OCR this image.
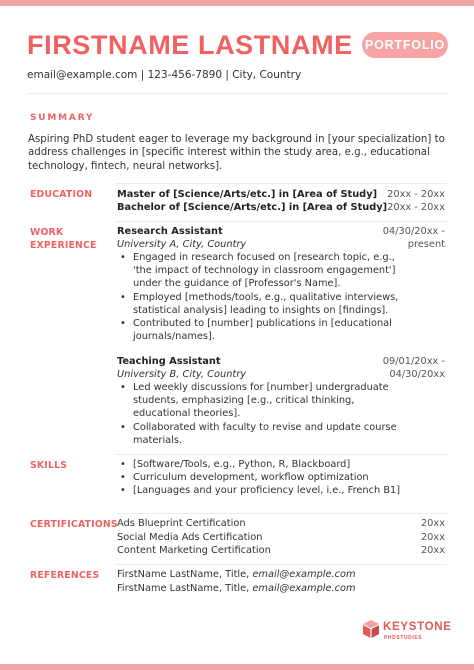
FIRSTNAME LASTNAME PORTFOLIO
email@example.com | 123-456-7890 | City, Country
SUMMARY
Aspiring PhD student eager to leverage my background in [your specialization] to address challenges in [specific interest within the study area, e.g., educational technology, fintech, neural networks].
EDUCATION	Master of [Science/Arts/etc.] in [Area of Study] 20xx - 20xx
Bachelor of [Science/Arts/etc.] in [Area of Study] 20xx - 20xx
WORK
EXPERIENCE
Research Assistant
University A, City, Country
04/30/20xx -
present
• Engaged in research focused on [research topic, e.g.,
'the impact of technology in classroom engagement']
under the guidance of [Professor's Name].
• Employed [methods/tools, e.g., qualitative interviews,
statistical analysis] leading to insights on [findings].
• Contributed to [number] publications in [educational
journals/names].
Teaching Assistant
University B, City, Country
09/01/20xx -
04/30/20xx
• Led weekly discussions for [number] undergraduate
students, emphasizing [e.g., critical thinking,
educational theories].
• Collaborated with faculty to revise and update course
materials.
SKILLS
•	[Software/Tools, e.g., Python, R, Blackboard]
• Curriculum development, workflow optimization
• [Languages and your proficiency level, i.e., French B1]
CERTIFICATIONS Ads Blueprint Certification	20xx
Social Media Ads Certification	20xx
Content Marketing Certification	20xx
REFERENCES FirstName LastName, Title, email@example.com
FirstName LastName, Title, email@example.com
KEYSTONE
PHDSTUDIES
